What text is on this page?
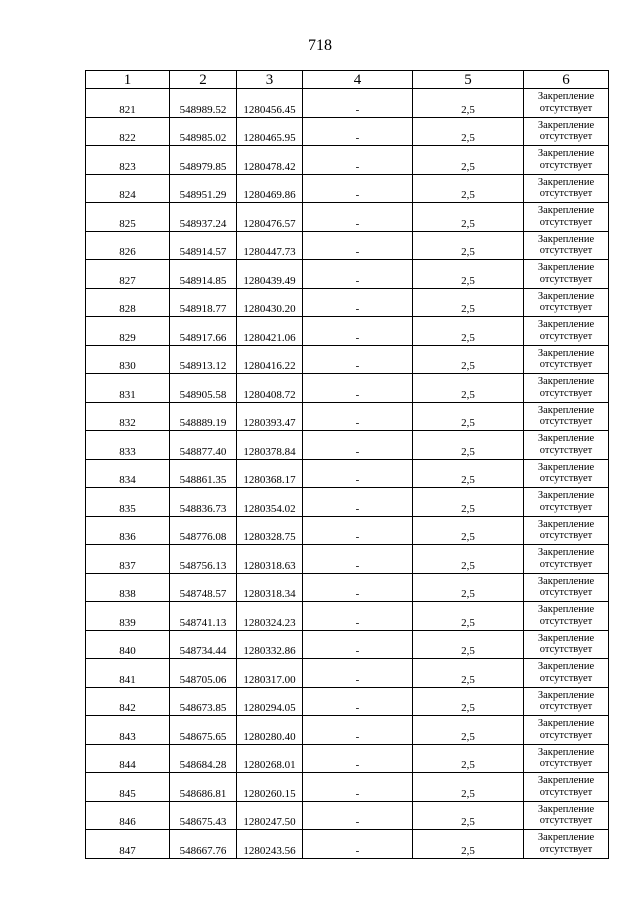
718
1	2	3	4	5	6
821	548989.52	1280456.45	-	2,5	Закрепление
отсутствует

822	548985.02	1280465.95	-	2,5	Закрепление
отсутствует

823	548979.85	1280478.42	-	2,5	Закрепление
отсутствует

824	548951.29	1280469.86	-	2,5	Закрепление
отсутствует

825	548937.24	1280476.57	-	2,5	Закрепление
отсутствует

826	548914.57	1280447.73	-	2,5	Закрепление
отсутствует

827	548914.85	1280439.49	-	2,5	Закрепление
отсутствует

828	548918.77	1280430.20	-	2,5	Закрепление
отсутствует

829	548917.66	1280421.06	-	2,5	Закрепление
отсутствует

830	548913.12	1280416.22	-	2,5	Закрепление
отсутствует

831	548905.58	1280408.72	-	2,5	Закрепление
отсутствует

832	548889.19	1280393.47	-	2,5	Закрепление
отсутствует

833	548877.40	1280378.84	-	2,5	Закрепление
отсутствует

834	548861.35	1280368.17	-	2,5	Закрепление
отсутствует

835	548836.73	1280354.02	-	2,5	Закрепление
отсутствует

836	548776.08	1280328.75	-	2,5	Закрепление
отсутствует

837	548756.13	1280318.63	-	2,5	Закрепление
отсутствует

838	548748.57	1280318.34	-	2,5	Закрепление
отсутствует

839	548741.13	1280324.23	-	2,5	Закрепление
отсутствует

840	548734.44	1280332.86	-	2,5	Закрепление
отсутствует

841	548705.06	1280317.00	-	2,5	Закрепление
отсутствует

842	548673.85	1280294.05	-	2,5	Закрепление
отсутствует

843	548675.65	1280280.40	-	2,5	Закрепление
отсутствует

844	548684.28	1280268.01	-	2,5	Закрепление
отсутствует

845	548686.81	1280260.15	-	2,5	Закрепление
отсутствует

846	548675.43	1280247.50	-	2,5	Закрепление
отсутствует

847	548667.76	1280243.56	-	2,5	Закрепление
отсутствует
